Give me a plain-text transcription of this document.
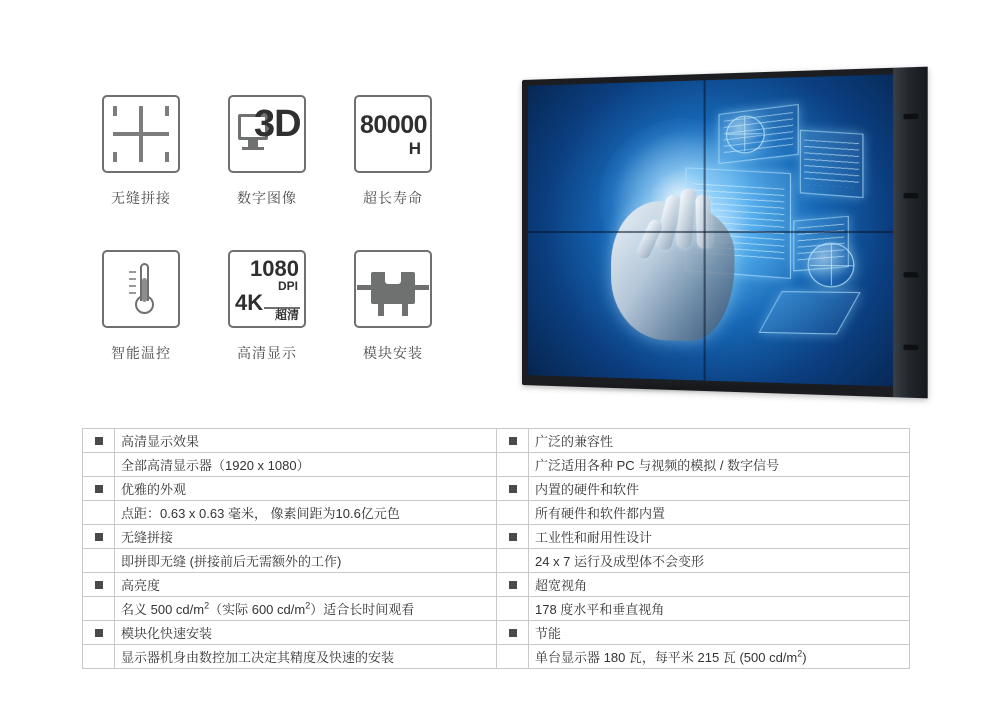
无缝拼接
3D
数字图像
80000
H
超长寿命
智能温控
1080
DPI
4K 超清
高清显示	模块安装
	高清显示效果		广泛的兼容性
	全部高清显示器（1920 x 1080）		广泛适用各种 PC 与视频的模拟 / 数字信号
	优雅的外观		内置的硬件和软件
	点距：0.63 x 0.63 毫米， 像素间距为10.6亿元色		所有硬件和软件都内置
	无缝拼接		工业性和耐用性设计
	即拼即无缝 (拼接前后无需额外的工作)		24 x 7 运行及成型体不会变形
	高亮度		超宽视角
	名义 500 $cd/m^2$（实际 600 $cd/m^2$）适合长时间观看		178 度水平和垂直视角
	模块化快速安装		节能
	显示器机身由数控加工决定其精度及快速的安装		单台显示器 180 瓦，每平米 215 瓦 (500 $cd/m^2$)
